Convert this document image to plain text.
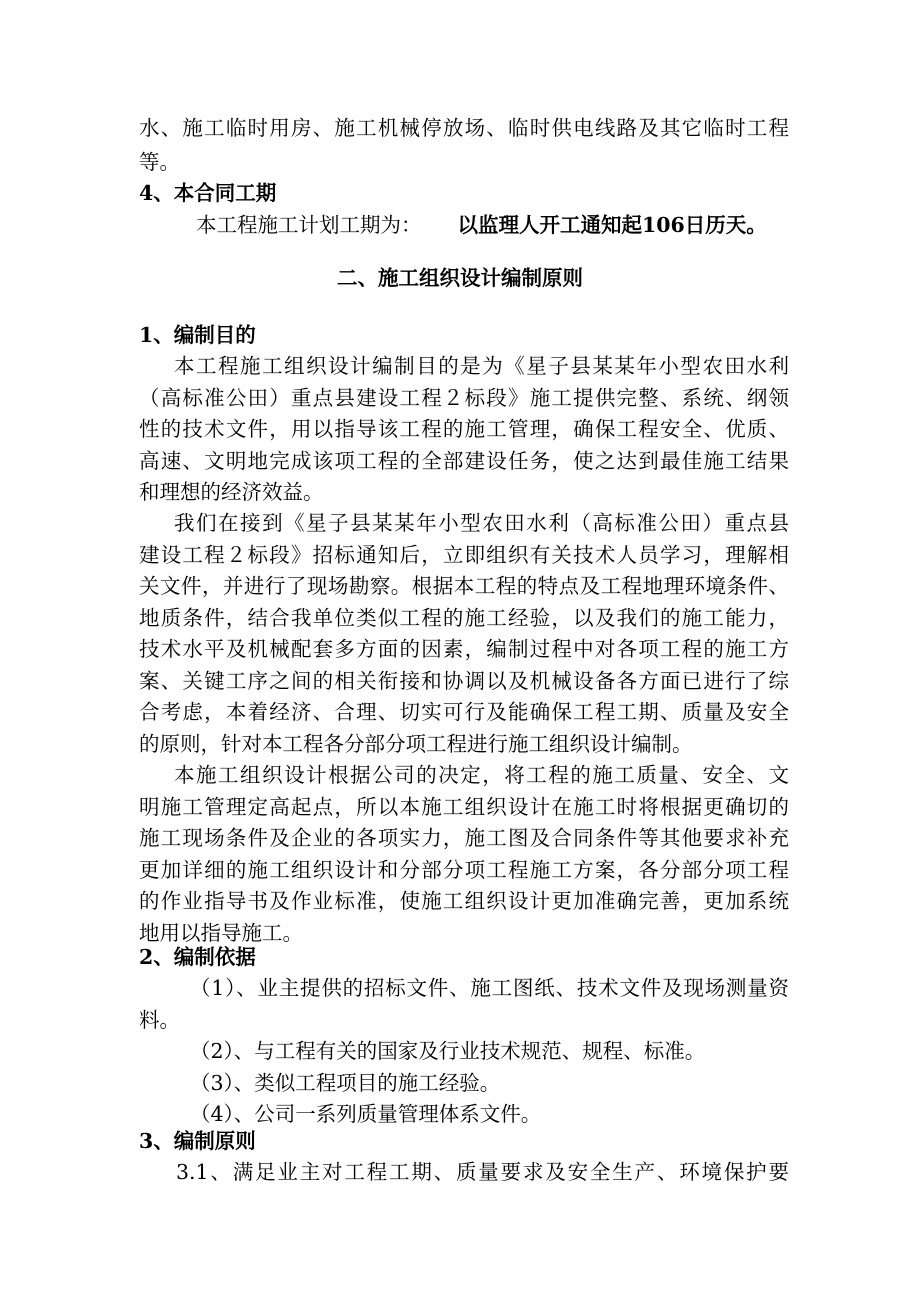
水、施工临时用房、施工机械停放场、临时供电线路及其它临时工程
等。
4、本合同工期
本工程施工计划工期为： 以监理人开工通知起106日历天。
二、施工组织设计编制原则
1、编制目的
本工程施工组织设计编制目的是为《星子县某某年小型农田水利
（高标准公田）重点县建设工程２标段》施工提供完整、系统、纲领
性的技术文件，用以指导该工程的施工管理，确保工程安全、优质、
高速、文明地完成该项工程的全部建设任务，使之达到最佳施工结果
和理想的经济效益。
我们在接到《星子县某某年小型农田水利（高标准公田）重点县
建设工程２标段》招标通知后，立即组织有关技术人员学习，理解相
关文件，并进行了现场勘察。根据本工程的特点及工程地理环境条件、
地质条件，结合我单位类似工程的施工经验，以及我们的施工能力，
技术水平及机械配套多方面的因素，编制过程中对各项工程的施工方
案、关键工序之间的相关衔接和协调以及机械设备各方面已进行了综
合考虑，本着经济、合理、切实可行及能确保工程工期、质量及安全
的原则，针对本工程各分部分项工程进行施工组织设计编制。
本施工组织设计根据公司的决定，将工程的施工质量、安全、文
明施工管理定高起点，所以本施工组织设计在施工时将根据更确切的
施工现场条件及企业的各项实力，施工图及合同条件等其他要求补充
更加详细的施工组织设计和分部分项工程施工方案，各分部分项工程
的作业指导书及作业标准，使施工组织设计更加准确完善，更加系统
地用以指导施工。
2、编制依据
（1）、业主提供的招标文件、施工图纸、技术文件及现场测量资
料。
（2）、与工程有关的国家及行业技术规范、规程、标准。
（3）、类似工程项目的施工经验。
（4）、公司一系列质量管理体系文件。
3、编制原则
3.1、满足业主对工程工期、质量要求及安全生产、环境保护要
